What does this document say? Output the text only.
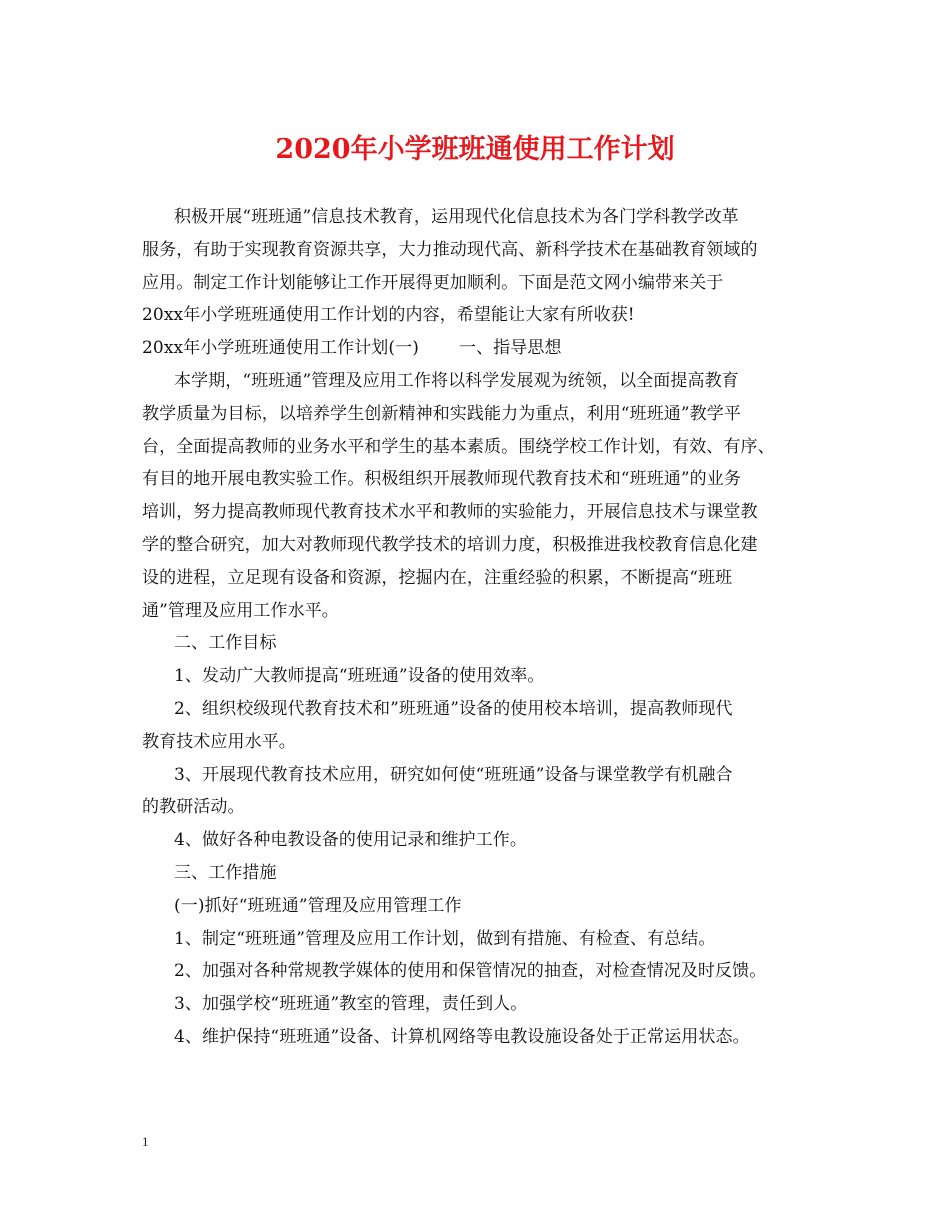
2020年小学班班通使用工作计划
积极开展“班班通”信息技术教育，运用现代化信息技术为各门学科教学改革
服务，有助于实现教育资源共享，大力推动现代高、新科学技术在基础教育领域的
应用。制定工作计划能够让工作开展得更加顺利。下面是范文网小编带来关于
20xx年小学班班通使用工作计划的内容，希望能让大家有所收获!
20xx年小学班班通使用工作计划(一) 一、指导思想
本学期，“班班通”管理及应用工作将以科学发展观为统领，以全面提高教育
教学质量为目标，以培养学生创新精神和实践能力为重点，利用“班班通”教学平
台，全面提高教师的业务水平和学生的基本素质。围绕学校工作计划，有效、有序、
有目的地开展电教实验工作。积极组织开展教师现代教育技术和“班班通”的业务
培训，努力提高教师现代教育技术水平和教师的实验能力，开展信息技术与课堂教
学的整合研究，加大对教师现代教学技术的培训力度，积极推进我校教育信息化建
设的进程，立足现有设备和资源，挖掘内在，注重经验的积累，不断提高“班班
通”管理及应用工作水平。
二、工作目标
1、发动广大教师提高“班班通”设备的使用效率。
2、组织校级现代教育技术和”班班通”设备的使用校本培训，提高教师现代
教育技术应用水平。
3、开展现代教育技术应用，研究如何使“班班通”设备与课堂教学有机融合
的教研活动。
4、做好各种电教设备的使用记录和维护工作。
三、工作措施
(一)抓好“班班通”管理及应用管理工作
1、制定“班班通”管理及应用工作计划，做到有措施、有检查、有总结。
2、加强对各种常规教学媒体的使用和保管情况的抽查，对检查情况及时反馈。
3、加强学校“班班通”教室的管理，责任到人。
4、维护保持“班班通”设备、计算机网络等电教设施设备处于正常运用状态。
1
